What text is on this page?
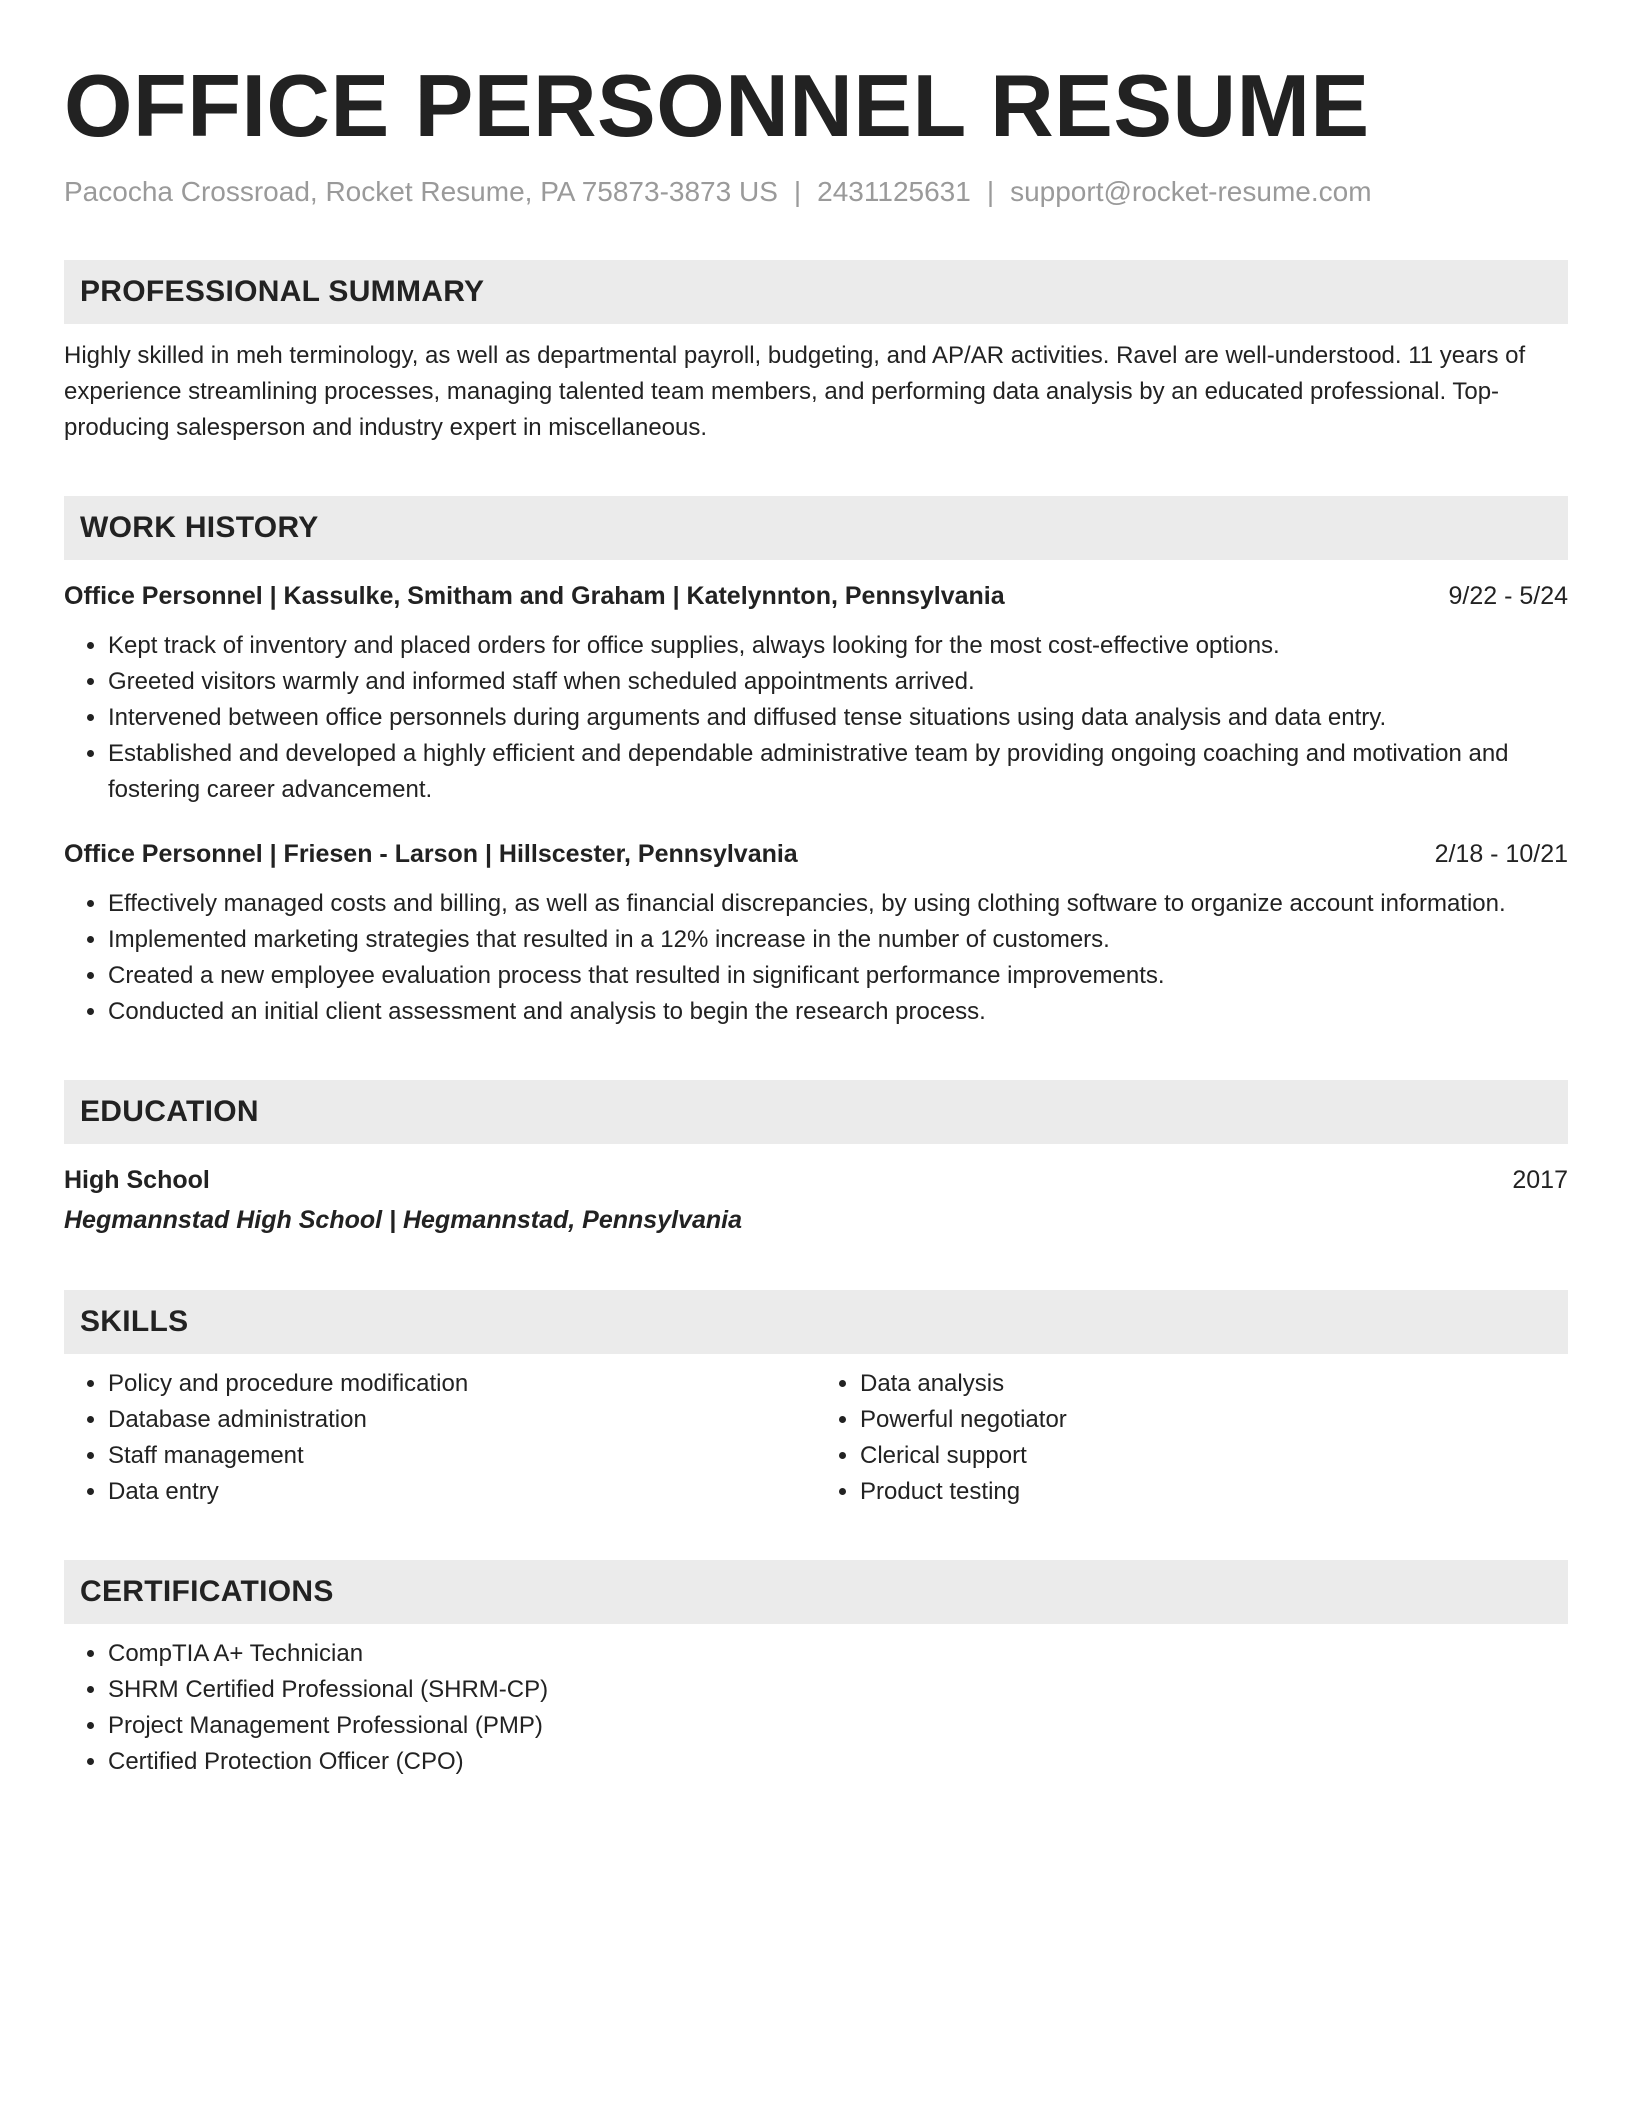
OFFICE PERSONNEL RESUME
Pacocha Crossroad, Rocket Resume, PA 75873-3873 US | 2431125631 | support@rocket-resume.com
PROFESSIONAL SUMMARY
Highly skilled in meh terminology, as well as departmental payroll, budgeting, and AP/AR activities. Ravel are well-understood. 11 years of experience streamlining processes, managing talented team members, and performing data analysis by an educated professional. Top-producing salesperson and industry expert in miscellaneous.
WORK HISTORY
Office Personnel | Kassulke, Smitham and Graham | Katelynnton, Pennsylvania	9/22 - 5/24
• Kept track of inventory and placed orders for office supplies, always looking for the most cost-effective options.
• Greeted visitors warmly and informed staff when scheduled appointments arrived.
• Intervened between office personnels during arguments and diffused tense situations using data analysis and data entry.
• Established and developed a highly efficient and dependable administrative team by providing ongoing coaching and motivation and fostering career advancement.
Office Personnel | Friesen - Larson | Hillscester, Pennsylvania	2/18 - 10/21
• Effectively managed costs and billing, as well as financial discrepancies, by using clothing software to organize account information.
• Implemented marketing strategies that resulted in a 12% increase in the number of customers.
• Created a new employee evaluation process that resulted in significant performance improvements.
• Conducted an initial client assessment and analysis to begin the research process.
EDUCATION
High School	2017
Hegmannstad High School | Hegmannstad, Pennsylvania
SKILLS
• Policy and procedure modification
• Database administration
• Staff management
• Data entry
• Data analysis
• Powerful negotiator
• Clerical support
• Product testing
CERTIFICATIONS
• CompTIA A+ Technician
• SHRM Certified Professional (SHRM-CP)
• Project Management Professional (PMP)
• Certified Protection Officer (CPO)
